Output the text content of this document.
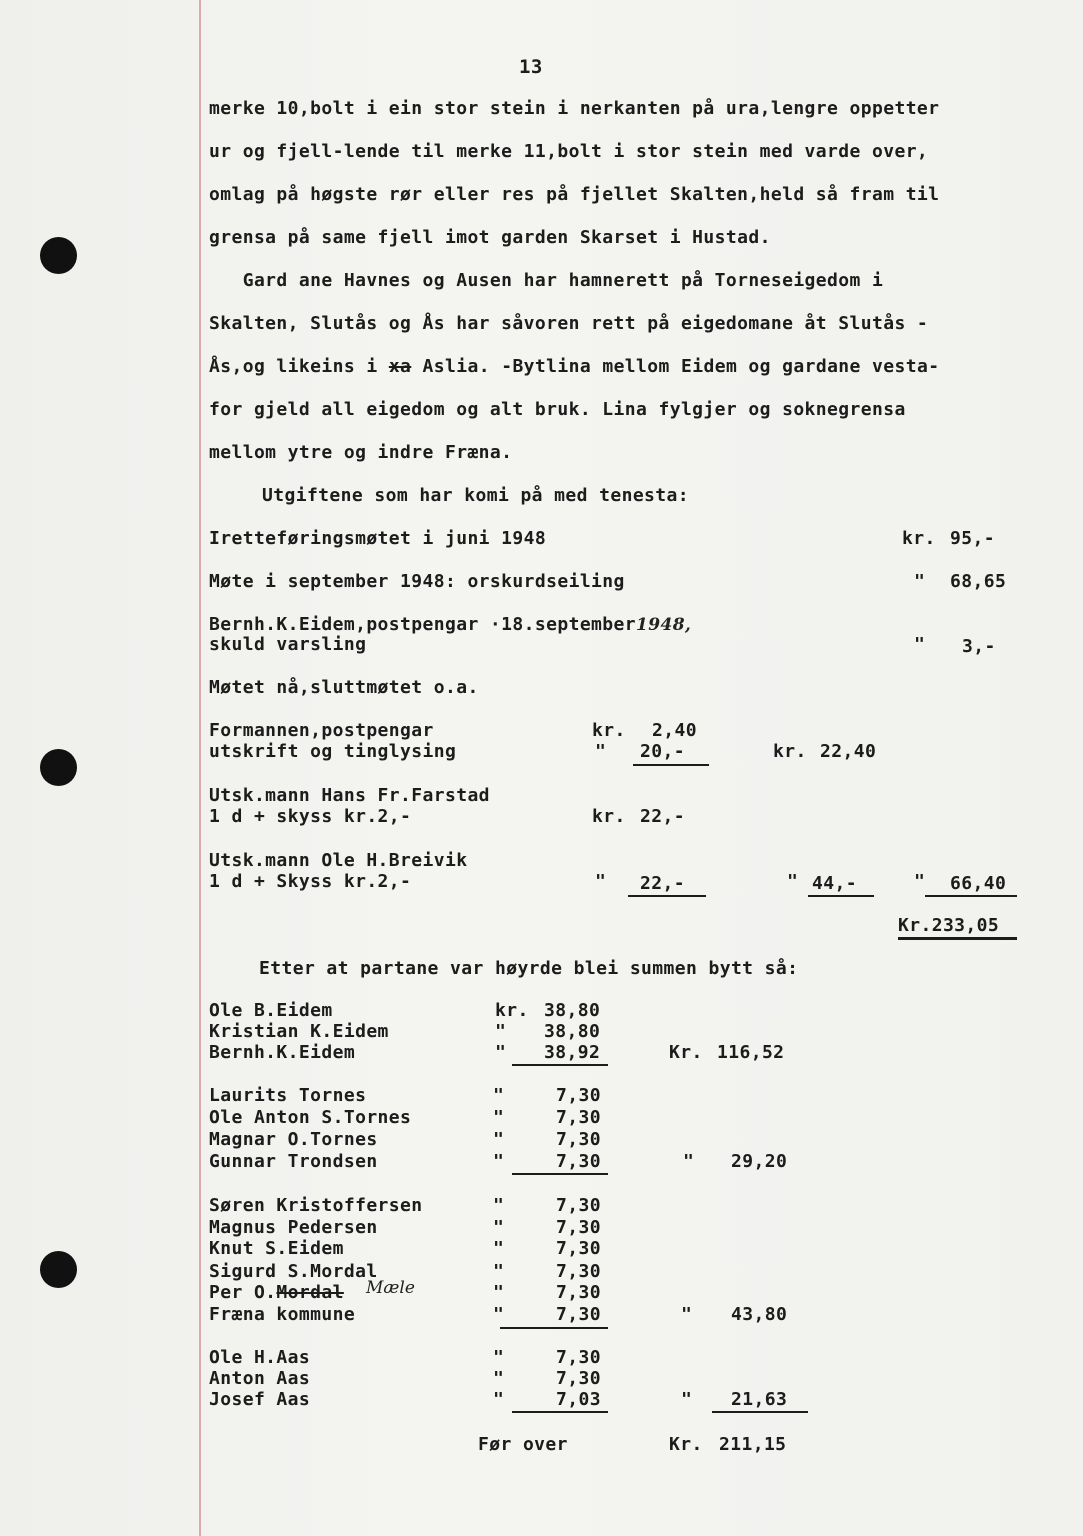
13
merke 10,bolt i ein stor stein i nerkanten på ura,lengre oppetter
ur og fjell-lende til merke 11,bolt i stor stein med varde over,
omlag på høgste rør eller res på fjellet Skalten,held så fram til
grensa på same fjell imot garden Skarset i Hustad.
Gard ane Havnes og Ausen har hamnerett på Torneseigedom i
Skalten, Slutås og Ås har såvoren rett på eigedomane åt Slutås -
Ås,og likeins i xa Aslia. -Bytlina mellom Eidem og gardane vesta-
for gjeld all eigedom og alt bruk. Lina fylgjer og soknegrensa
mellom ytre og indre Fræna.
Utgiftene som har komi på med tenesta:
Iretteføringsmøtet i juni 1948	kr. 95,-
Møte i september 1948: orskurdseiling	" 68,65
Bernh.K.Eidem,postpengar ·18.september1948,
skuld varsling	" 3,-
Møtet nå,sluttmøtet o.a.
Formannen,postpengar	kr. 2,40
utskrift og tinglysing	" 20,-	kr. 22,40
Utsk.mann Hans Fr.Farstad
1 d + skyss kr.2,-	kr. 22,-
Utsk.mann Ole H.Breivik
1 d + Skyss kr.2,-	" 22,-	" 44,-	" 66,40
Kr.233,05
Etter at partane var høyrde blei summen bytt så:
Ole B.Eidem	kr. 38,80
Kristian K.Eidem	" 38,80
Bernh.K.Eidem	" 38,92	Kr. 116,52
Laurits Tornes	"	7,30
Ole Anton S.Tornes	"	7,30
Magnar O.Tornes	"	7,30
Gunnar Trondsen	"	7,30	" 29,20
Søren Kristoffersen	"	7,30
Magnus Pedersen	"	7,30
Knut S.Eidem	"	7,30
Sigurd S.Mordal	"	7,30
Per O.Mordal Mæle	"	7,30
Fræna kommune	"	7,30	" 43,80
Ole H.Aas	"	7,30
Anton Aas	"	7,30
Josef Aas	"	7,03	" 21,63
Før over	Kr. 211,15
